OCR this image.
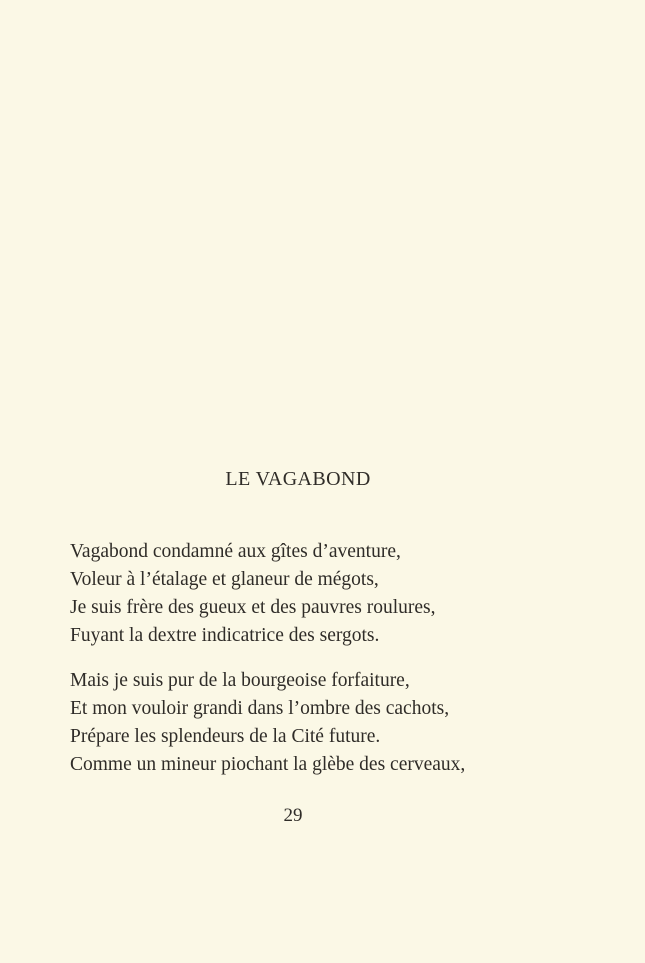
LE VAGABOND
Vagabond condamné aux gîtes d’aventure,
Voleur à l’étalage et glaneur de mégots,
Je suis frère des gueux et des pauvres roulures,
Fuyant la dextre indicatrice des sergots.
Mais je suis pur de la bourgeoise forfaiture,
Et mon vouloir grandi dans l’ombre des cachots,
Prépare les splendeurs de la Cité future.
Comme un mineur piochant la glèbe des cerveaux,
29
